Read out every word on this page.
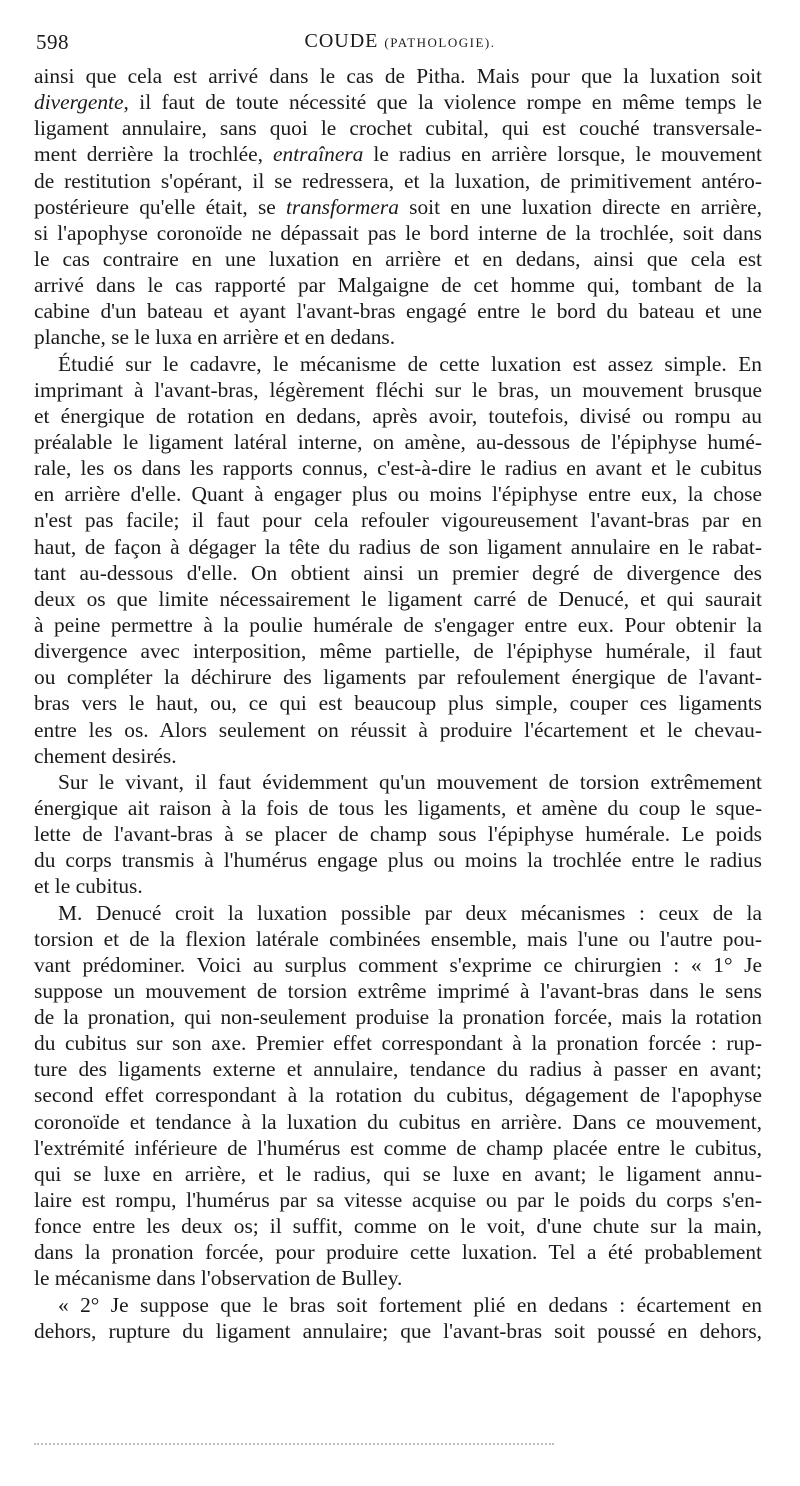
598	COUDE (PATHOLOGIE).
ainsi que cela est arrivé dans le cas de Pitha. Mais pour que la luxation soit
divergente, il faut de toute nécessité que la violence rompe en même temps le
ligament annulaire, sans quoi le crochet cubital, qui est couché transversale-
ment derrière la trochlée, entraînera le radius en arrière lorsque, le mouvement
de restitution s'opérant, il se redressera, et la luxation, de primitivement antéro-
postérieure qu'elle était, se transformera soit en une luxation directe en arrière,
si l'apophyse coronoïde ne dépassait pas le bord interne de la trochlée, soit dans
le cas contraire en une luxation en arrière et en dedans, ainsi que cela est
arrivé dans le cas rapporté par Malgaigne de cet homme qui, tombant de la
cabine d'un bateau et ayant l'avant-bras engagé entre le bord du bateau et une
planche, se le luxa en arrière et en dedans.
Étudié sur le cadavre, le mécanisme de cette luxation est assez simple. En
imprimant à l'avant-bras, légèrement fléchi sur le bras, un mouvement brusque
et énergique de rotation en dedans, après avoir, toutefois, divisé ou rompu au
préalable le ligament latéral interne, on amène, au-dessous de l'épiphyse humé-
rale, les os dans les rapports connus, c'est-à-dire le radius en avant et le cubitus
en arrière d'elle. Quant à engager plus ou moins l'épiphyse entre eux, la chose
n'est pas facile; il faut pour cela refouler vigoureusement l'avant-bras par en
haut, de façon à dégager la tête du radius de son ligament annulaire en le rabat-
tant au-dessous d'elle. On obtient ainsi un premier degré de divergence des
deux os que limite nécessairement le ligament carré de Denucé, et qui saurait
à peine permettre à la poulie humérale de s'engager entre eux. Pour obtenir la
divergence avec interposition, même partielle, de l'épiphyse humérale, il faut
ou compléter la déchirure des ligaments par refoulement énergique de l'avant-
bras vers le haut, ou, ce qui est beaucoup plus simple, couper ces ligaments
entre les os. Alors seulement on réussit à produire l'écartement et le chevau-
chement desirés.
Sur le vivant, il faut évidemment qu'un mouvement de torsion extrêmement
énergique ait raison à la fois de tous les ligaments, et amène du coup le sque-
lette de l'avant-bras à se placer de champ sous l'épiphyse humérale. Le poids
du corps transmis à l'humérus engage plus ou moins la trochlée entre le radius
et le cubitus.
M. Denucé croit la luxation possible par deux mécanismes : ceux de la
torsion et de la flexion latérale combinées ensemble, mais l'une ou l'autre pou-
vant prédominer. Voici au surplus comment s'exprime ce chirurgien : « 1° Je
suppose un mouvement de torsion extrême imprimé à l'avant-bras dans le sens
de la pronation, qui non-seulement produise la pronation forcée, mais la rotation
du cubitus sur son axe. Premier effet correspondant à la pronation forcée : rup-
ture des ligaments externe et annulaire, tendance du radius à passer en avant;
second effet correspondant à la rotation du cubitus, dégagement de l'apophyse
coronoïde et tendance à la luxation du cubitus en arrière. Dans ce mouvement,
l'extrémité inférieure de l'humérus est comme de champ placée entre le cubitus,
qui se luxe en arrière, et le radius, qui se luxe en avant; le ligament annu-
laire est rompu, l'humérus par sa vitesse acquise ou par le poids du corps s'en-
fonce entre les deux os; il suffit, comme on le voit, d'une chute sur la main,
dans la pronation forcée, pour produire cette luxation. Tel a été probablement
le mécanisme dans l'observation de Bulley.
« 2° Je suppose que le bras soit fortement plié en dedans : écartement en
dehors, rupture du ligament annulaire; que l'avant-bras soit poussé en dehors,
